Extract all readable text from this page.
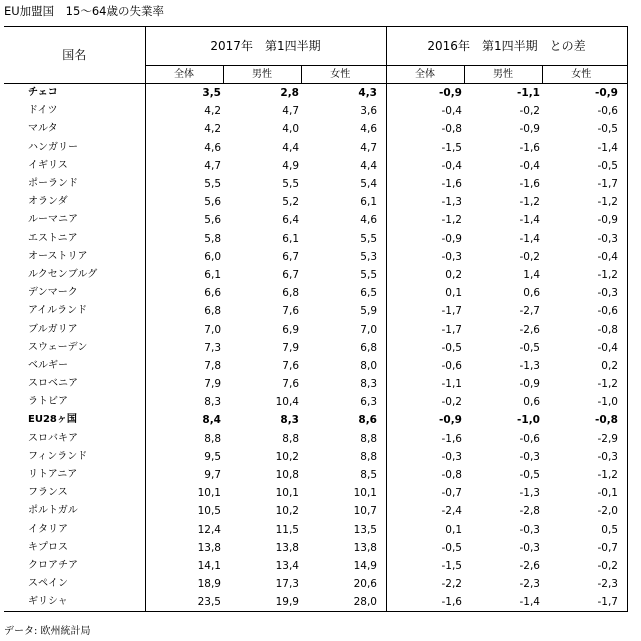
EU加盟国　15〜64歳の失業率
国名	2017年　第1四半期				2016年　第1四半期　との差			
	全体	男性	女性		全体	男性	女性	
チェコ	3,5	2,8	4,3		-0,9	-1,1	-0,9	
ドイツ	4,2	4,7	3,6		-0,4	-0,2	-0,6	
マルタ	4,2	4,0	4,6		-0,8	-0,9	-0,5	
ハンガリー	4,6	4,4	4,7		-1,5	-1,6	-1,4	
イギリス	4,7	4,9	4,4		-0,4	-0,4	-0,5	
ポーランド	5,5	5,5	5,4		-1,6	-1,6	-1,7	
オランダ	5,6	5,2	6,1		-1,3	-1,2	-1,2	
ルーマニア	5,6	6,4	4,6		-1,2	-1,4	-0,9	
エストニア	5,8	6,1	5,5		-0,9	-1,4	-0,3	
オーストリア	6,0	6,7	5,3		-0,3	-0,2	-0,4	
ルクセンブルグ	6,1	6,7	5,5		0,2	1,4	-1,2	
デンマーク	6,6	6,8	6,5		0,1	0,6	-0,3	
アイルランド	6,8	7,6	5,9		-1,7	-2,7	-0,6	
ブルガリア	7,0	6,9	7,0		-1,7	-2,6	-0,8	
スウェーデン	7,3	7,9	6,8		-0,5	-0,5	-0,4	
ベルギー	7,8	7,6	8,0		-0,6	-1,3	0,2	
スロベニア	7,9	7,6	8,3		-1,1	-0,9	-1,2	
ラトビア	8,3	10,4	6,3		-0,2	0,6	-1,0	
EU28ヶ国	8,4	8,3	8,6		-0,9	-1,0	-0,8	
スロバキア	8,8	8,8	8,8		-1,6	-0,6	-2,9	
フィンランド	9,5	10,2	8,8		-0,3	-0,3	-0,3	
リトアニア	9,7	10,8	8,5		-0,8	-0,5	-1,2	
フランス	10,1	10,1	10,1		-0,7	-1,3	-0,1	
ポルトガル	10,5	10,2	10,7		-2,4	-2,8	-2,0	
イタリア	12,4	11,5	13,5		0,1	-0,3	0,5	
キプロス	13,8	13,8	13,8		-0,5	-0,3	-0,7	
クロアチア	14,1	13,4	14,9		-1,5	-2,6	-0,2	
スペイン	18,9	17,3	20,6		-2,2	-2,3	-2,3	
ギリシャ	23,5	19,9	28,0		-1,6	-1,4	-1,7	
データ: 欧州統計局
